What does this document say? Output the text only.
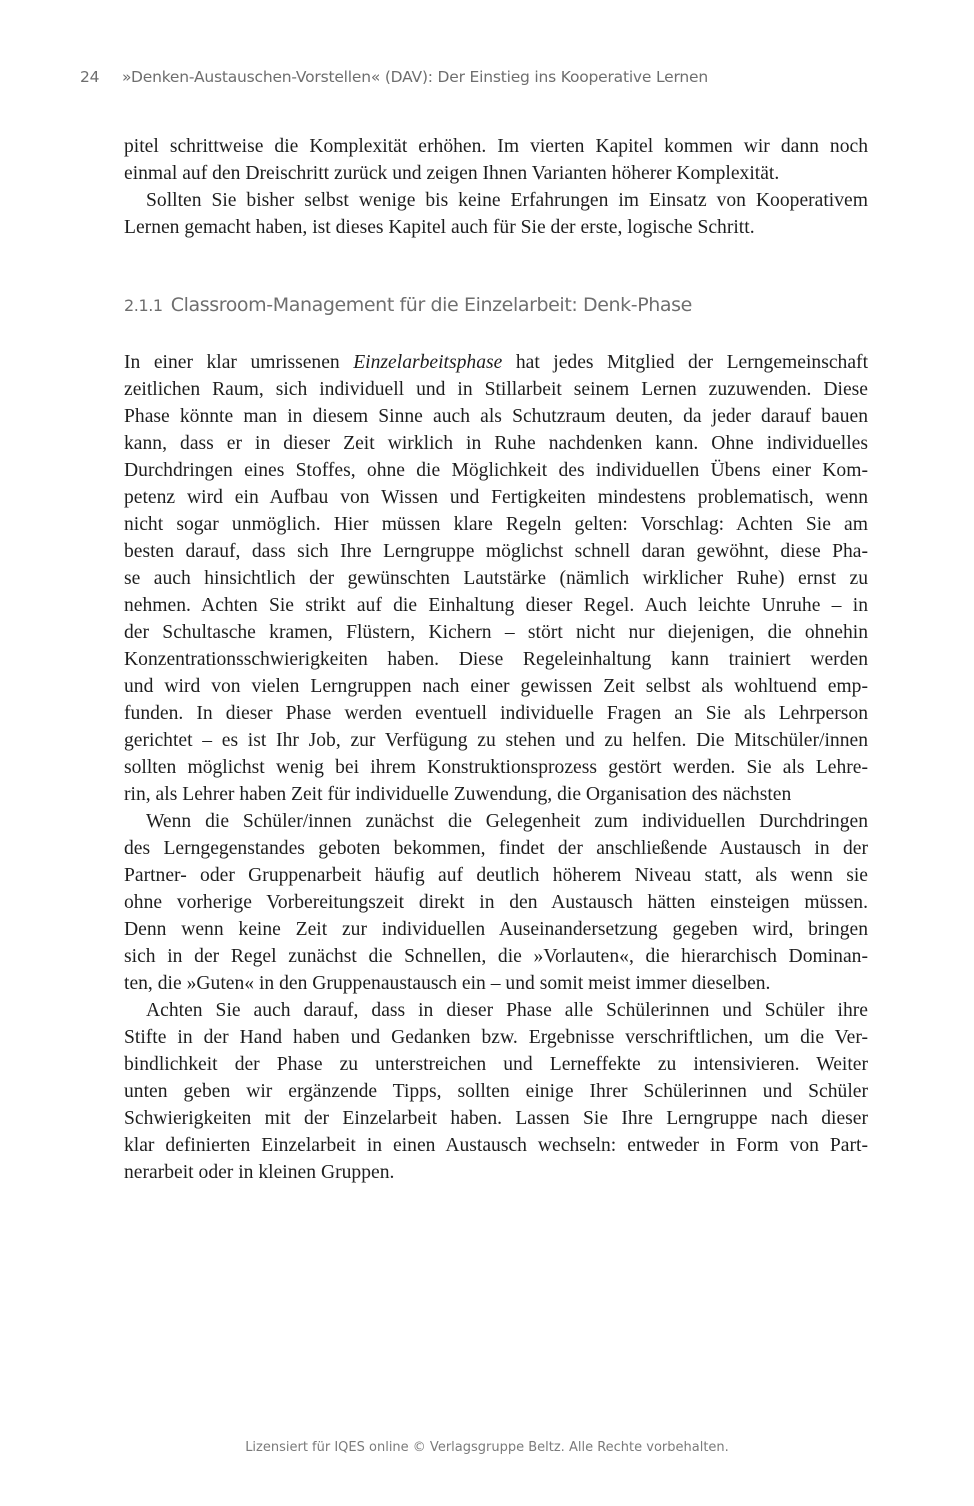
24 »Denken-Austauschen-Vorstellen« (DAV): Der Einstieg ins Kooperative Lernen

pitel schrittweise die Komplexität erhöhen. Im vierten Kapitel kommen wir dann noch
einmal auf den Dreischritt zurück und zeigen Ihnen Varianten höherer Komplexität.

Sollten Sie bisher selbst wenige bis keine Erfahrungen im Einsatz von Kooperativem
Lernen gemacht haben, ist dieses Kapitel auch für Sie der erste, logische Schritt.

2.1.1 Classroom-Management für die Einzelarbeit: Denk-Phase

In einer klar umrissenen Einzelarbeitsphase hat jedes Mitglied der Lerngemeinschaft
zeitlichen Raum, sich individuell und in Stillarbeit seinem Lernen zuzuwenden. Diese
Phase könnte man in diesem Sinne auch als Schutzraum deuten, da jeder darauf bauen
kann, dass er in dieser Zeit wirklich in Ruhe nachdenken kann. Ohne individuelles
Durchdringen eines Stoffes, ohne die Möglichkeit des individuellen Übens einer Kom-
petenz wird ein Aufbau von Wissen und Fertigkeiten mindestens problematisch, wenn
nicht sogar unmöglich. Hier müssen klare Regeln gelten: Vorschlag: Achten Sie am
besten darauf, dass sich Ihre Lerngruppe möglichst schnell daran gewöhnt, diese Pha-
se auch hinsichtlich der gewünschten Lautstärke (nämlich wirklicher Ruhe) ernst zu
nehmen. Achten Sie strikt auf die Einhaltung dieser Regel. Auch leichte Unruhe – in
der Schultasche kramen, Flüstern, Kichern – stört nicht nur diejenigen, die ohnehin
Konzentrationsschwierigkeiten haben. Diese Regeleinhaltung kann trainiert werden
und wird von vielen Lerngruppen nach einer gewissen Zeit selbst als wohltuend emp-
funden. In dieser Phase werden eventuell individuelle Fragen an Sie als Lehrperson
gerichtet – es ist Ihr Job, zur Verfügung zu stehen und zu helfen. Die Mitschüler/innen
sollten möglichst wenig bei ihrem Konstruktionsprozess gestört werden. Sie als Lehre-
rin, als Lehrer haben Zeit für individuelle Zuwendung, die Organisation des nächsten

Wenn die Schüler/innen zunächst die Gelegenheit zum individuellen Durchdringen
des Lerngegenstandes geboten bekommen, findet der anschließende Austausch in der
Partner- oder Gruppenarbeit häufig auf deutlich höherem Niveau statt, als wenn sie
ohne vorherige Vorbereitungszeit direkt in den Austausch hätten einsteigen müssen.
Denn wenn keine Zeit zur individuellen Auseinandersetzung gegeben wird, bringen
sich in der Regel zunächst die Schnellen, die »Vorlauten«, die hierarchisch Dominan-
ten, die »Guten« in den Gruppenaustausch ein – und somit meist immer dieselben.

Achten Sie auch darauf, dass in dieser Phase alle Schülerinnen und Schüler ihre
Stifte in der Hand haben und Gedanken bzw. Ergebnisse verschriftlichen, um die Ver-
bindlichkeit der Phase zu unterstreichen und Lerneffekte zu intensivieren. Weiter
unten geben wir ergänzende Tipps, sollten einige Ihrer Schülerinnen und Schüler
Schwierigkeiten mit der Einzelarbeit haben. Lassen Sie Ihre Lerngruppe nach dieser
klar definierten Einzelarbeit in einen Austausch wechseln: entweder in Form von Part-
nerarbeit oder in kleinen Gruppen.

Lizensiert für IQES online © Verlagsgruppe Beltz. Alle Rechte vorbehalten.
